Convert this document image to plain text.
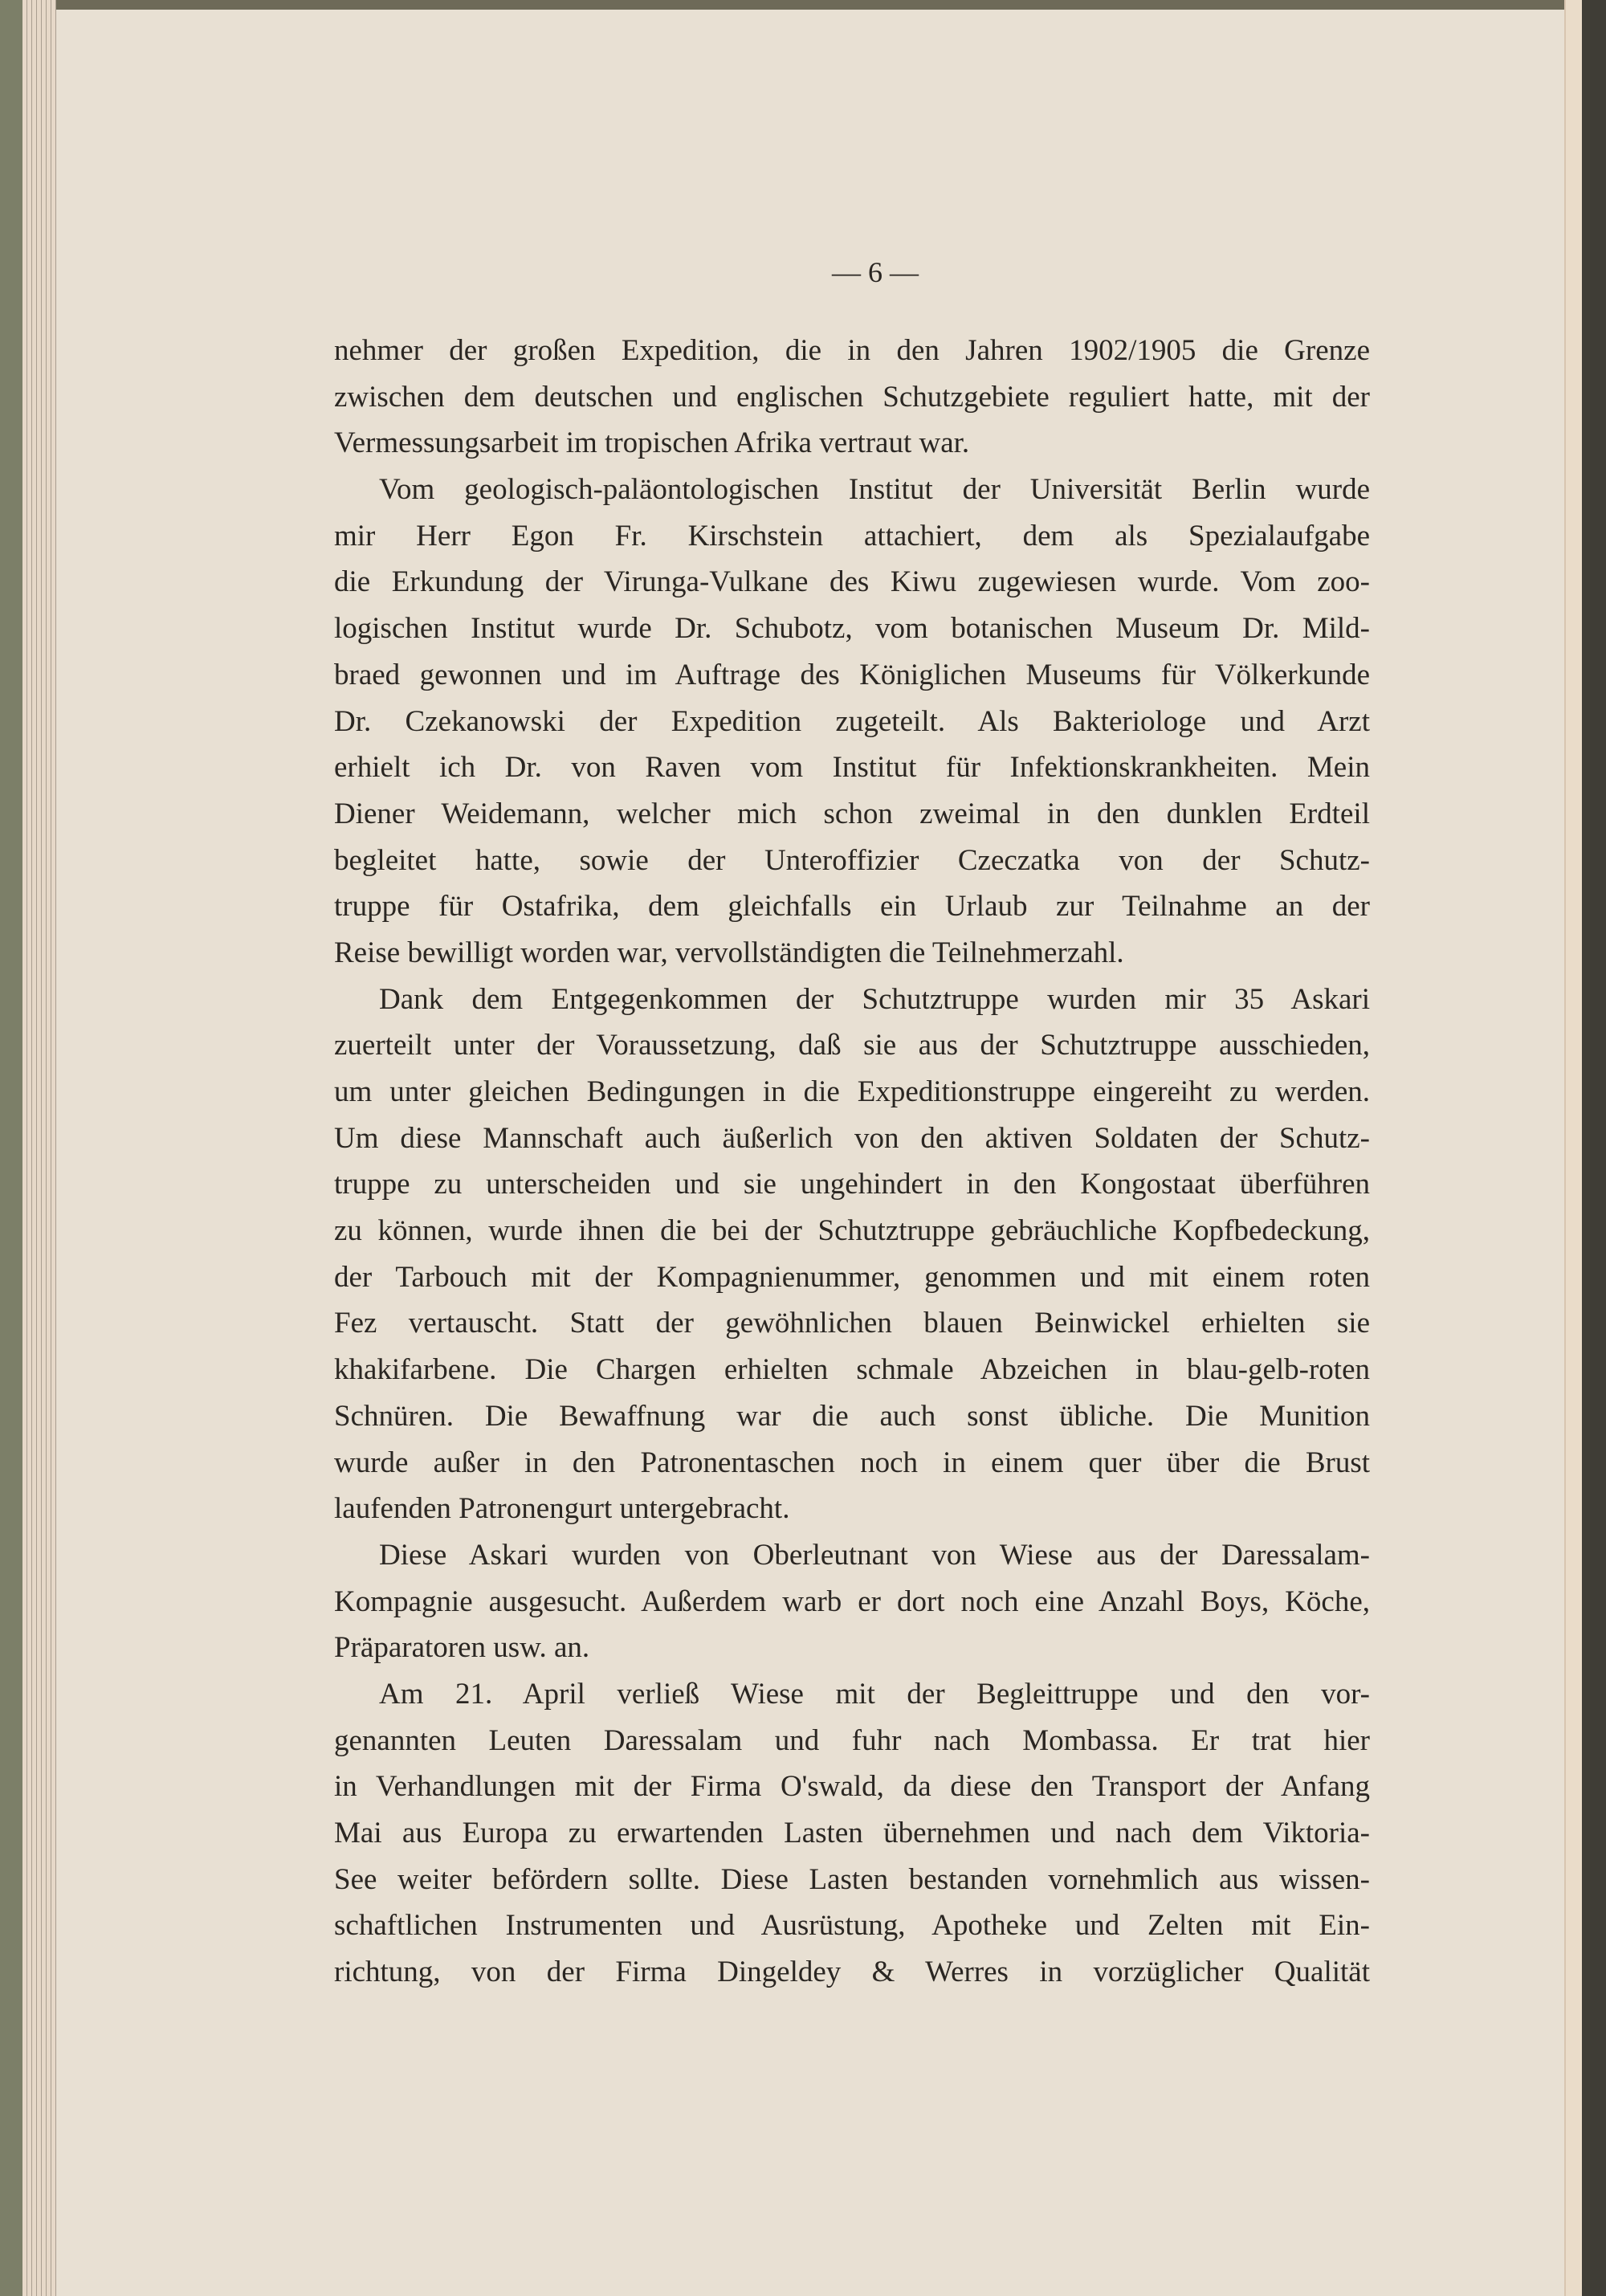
— 6 —
nehmer der großen Expedition, die in den Jahren 1902/1905 die Grenze
zwischen dem deutschen und englischen Schutzgebiete reguliert hatte, mit der
Vermessungsarbeit im tropischen Afrika vertraut war.
Vom geologisch-paläontologischen Institut der Universität Berlin wurde
mir Herr Egon Fr. Kirschstein attachiert, dem als Spezialaufgabe
die Erkundung der Virunga-Vulkane des Kiwu zugewiesen wurde. Vom zoo-
logischen Institut wurde Dr. Schubotz, vom botanischen Museum Dr. Mild-
braed gewonnen und im Auftrage des Königlichen Museums für Völkerkunde
Dr. Czekanowski der Expedition zugeteilt. Als Bakteriologe und Arzt
erhielt ich Dr. von Raven vom Institut für Infektionskrankheiten. Mein
Diener Weidemann, welcher mich schon zweimal in den dunklen Erdteil
begleitet hatte, sowie der Unteroffizier Czeczatka von der Schutz-
truppe für Ostafrika, dem gleichfalls ein Urlaub zur Teilnahme an der
Reise bewilligt worden war, vervollständigten die Teilnehmerzahl.
Dank dem Entgegenkommen der Schutztruppe wurden mir 35 Askari
zuerteilt unter der Voraussetzung, daß sie aus der Schutztruppe ausschieden,
um unter gleichen Bedingungen in die Expeditionstruppe eingereiht zu werden.
Um diese Mannschaft auch äußerlich von den aktiven Soldaten der Schutz-
truppe zu unterscheiden und sie ungehindert in den Kongostaat überführen
zu können, wurde ihnen die bei der Schutztruppe gebräuchliche Kopfbedeckung,
der Tarbouch mit der Kompagnienummer, genommen und mit einem roten
Fez vertauscht. Statt der gewöhnlichen blauen Beinwickel erhielten sie
khakifarbene. Die Chargen erhielten schmale Abzeichen in blau-gelb-roten
Schnüren. Die Bewaffnung war die auch sonst übliche. Die Munition
wurde außer in den Patronentaschen noch in einem quer über die Brust
laufenden Patronengurt untergebracht.
Diese Askari wurden von Oberleutnant von Wiese aus der Daressalam-
Kompagnie ausgesucht. Außerdem warb er dort noch eine Anzahl Boys, Köche,
Präparatoren usw. an.
Am 21. April verließ Wiese mit der Begleittruppe und den vor-
genannten Leuten Daressalam und fuhr nach Mombassa. Er trat hier
in Verhandlungen mit der Firma O'swald, da diese den Transport der Anfang
Mai aus Europa zu erwartenden Lasten übernehmen und nach dem Viktoria-
See weiter befördern sollte. Diese Lasten bestanden vornehmlich aus wissen-
schaftlichen Instrumenten und Ausrüstung, Apotheke und Zelten mit Ein-
richtung, von der Firma Dingeldey & Werres in vorzüglicher Qualität
